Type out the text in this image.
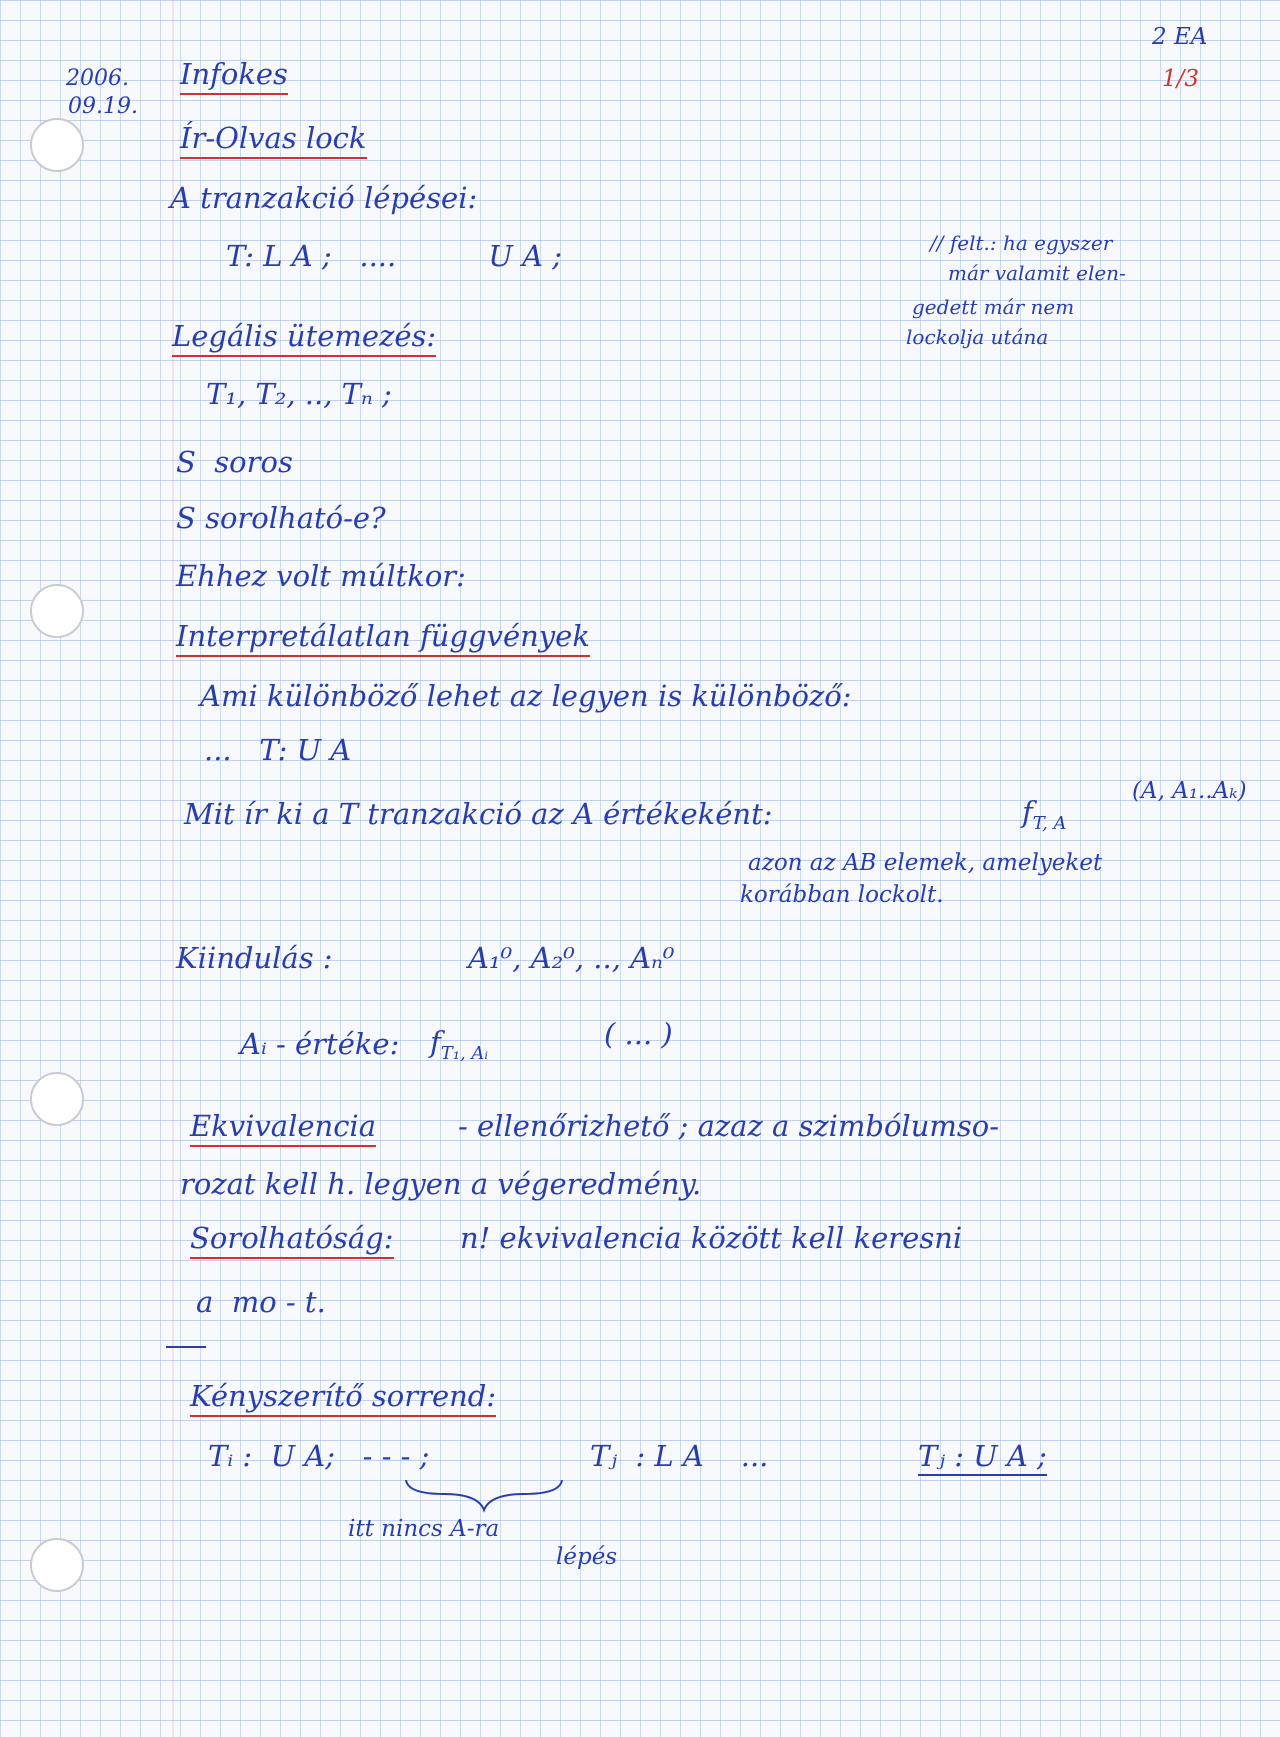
2006.
09.19.
2 EA
1/3
Infokes
Ír-Olvas lock
A tranzakció lépései:
T: L A ;   ....          U A ;	// felt.: ha egyszer
már valamit elen-
gedett már nem
lockolja utána
Legális ütemezés:
T₁, T₂, .., Tₙ ;
S  soros
S sorolható-e?
Ehhez volt múltkor:
Interpretálatlan függvények
Ami különböző lehet az legyen is különböző:
...   T: U A
Mit ír ki a T tranzakció az A értékeként:	$f_{T, A}$
(A, A₁..Aₖ)
azon az AB elemek, amelyeket
korábban lockolt.
Kiindulás :	A₁⁰, A₂⁰, .., Aₙ⁰
Aᵢ - értéke: $f_{T_1, Aᵢ}$
( ... )
Ekvivalencia	- ellenőrizhető ; azaz a szimbólumso-
rozat kell h. legyen a végeredmény.
Sorolhatóság: n! ekvivalencia között kell keresni
a  mo - t.
Kényszerítő sorrend:
Tᵢ :  U A;   - - - ;	Tⱼ  : L A    ...	Tⱼ : U A ;
itt nincs A-ra
lépés
